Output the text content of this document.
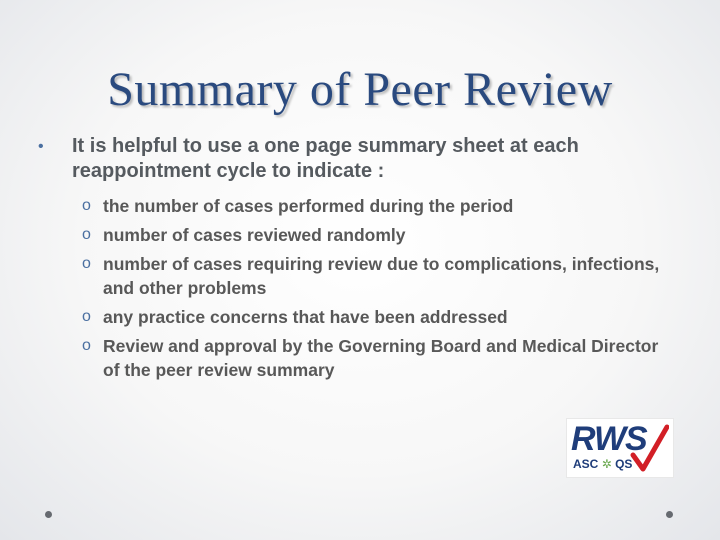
Summary of Peer Review
•	It is helpful to use a one page summary sheet at each reappointment cycle to indicate :
o the number of cases performed during the period
o number of cases reviewed randomly
o number of cases requiring review due to complications, infections, and other problems
o any practice concerns that have been addressed
o Review and approval by the Governing Board and Medical Director of the peer review summary
RWS
ASC ✲ QS
